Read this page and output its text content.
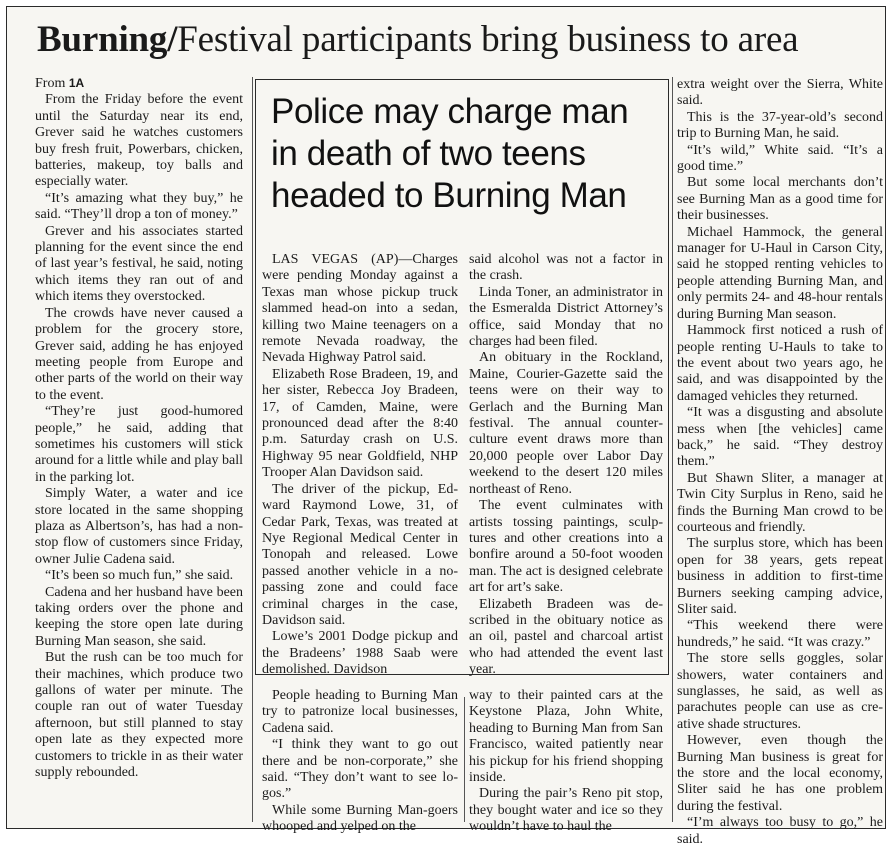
Burning/Festival participants bring business to area

From 1A

From the Friday before the event until the Saturday near its end, Grever said he watches customers buy fresh fruit, Powerbars, chicken, batteries, makeup, toy balls and especially water.

“It’s amazing what they buy,” he said. “They’ll drop a ton of money.”

Grever and his associates started planning for the event since the end of last year’s festival, he said, noting which items they ran out of and which items they overstocked.

The crowds have never caused a problem for the grocery store, Grever said, adding he has enjoyed meeting people from Europe and other parts of the world on their way to the event.

“They’re just good-humored people,” he said, adding that sometimes his customers will stick around for a little while and play ball in the parking lot.

Simply Water, a water and ice store located in the same shopping plaza as Albertson’s, has had a non-stop flow of customers since Friday, owner Julie Cadena said.

“It’s been so much fun,” she said.

Cadena and her husband have been taking orders over the phone and keeping the store open late during Burning Man season, she said.

But the rush can be too much for their machines, which produce two gallons of water per minute. The couple ran out of water Tuesday afternoon, but still planned to stay open late as they expected more customers to trickle in as their water supply rebounded.

Police may charge man in death of two teens headed to Burning Man

LAS VEGAS (AP)—Charges were pending Monday against a Texas man whose pickup truck slammed head-on into a sedan, killing two Maine teenagers on a remote Nevada roadway, the Nevada Highway Patrol said.

Elizabeth Rose Bradeen, 19, and her sister, Rebecca Joy Bradeen, 17, of Camden, Maine, were pronounced dead after the 8:40 p.m. Saturday crash on U.S. Highway 95 near Goldfield, NHP Trooper Alan Davidson said.

The driver of the pickup, Edward Raymond Lowe, 31, of Cedar Park, Texas, was treated at Nye Regional Medical Center in Tonopah and released. Lowe passed another vehicle in a no-passing zone and could face criminal charges in the case, Davidson said.

Lowe’s 2001 Dodge pickup and the Bradeens’ 1988 Saab were demolished. Davidson

said alcohol was not a factor in the crash.

Linda Toner, an administrator in the Esmeralda District Attorney’s office, said Monday that no charges had been filed.

An obituary in the Rockland, Maine, Courier-Gazette said the teens were on their way to Gerlach and the Burning Man festival. The annual counterculture event draws more than 20,000 people over Labor Day weekend to the desert 120 miles northeast of Reno.

The event culminates with artists tossing paintings, sculptures and other creations into a bonfire around a 50-foot wooden man. The act is designed celebrate art for art’s sake.

Elizabeth Bradeen was described in the obituary notice as an oil, pastel and charcoal artist who had attended the event last year.

People heading to Burning Man try to patronize local businesses, Cadena said.

“I think they want to go out there and be non-corporate,” she said. “They don’t want to see logos.”

While some Burning Man-goers whooped and yelped on the

way to their painted cars at the Keystone Plaza, John White, heading to Burning Man from San Francisco, waited patiently near his pickup for his friend shopping inside.

During the pair’s Reno pit stop, they bought water and ice so they wouldn’t have to haul the

extra weight over the Sierra, White said.

This is the 37-year-old’s second trip to Burning Man, he said.

“It’s wild,” White said. “It’s a good time.”

But some local merchants don’t see Burning Man as a good time for their businesses.

Michael Hammock, the general manager for U-Haul in Carson City, said he stopped renting vehicles to people attending Burning Man, and only permits 24- and 48-hour rentals during Burning Man season.

Hammock first noticed a rush of people renting U-Hauls to take to the event about two years ago, he said, and was disappointed by the damaged vehicles they returned.

“It was a disgusting and absolute mess when [the vehicles] came back,” he said. “They destroy them.”

But Shawn Sliter, a manager at Twin City Surplus in Reno, said he finds the Burning Man crowd to be courteous and friendly.

The surplus store, which has been open for 38 years, gets repeat business in addition to first-time Burners seeking camping advice, Sliter said.

“This weekend there were hundreds,” he said. “It was crazy.”

The store sells goggles, solar showers, water containers and sunglasses, he said, as well as parachutes people can use as creative shade structures.

However, even though the Burning Man business is great for the store and the local economy, Sliter said he has one problem during the festival.

“I’m always too busy to go,” he said.
